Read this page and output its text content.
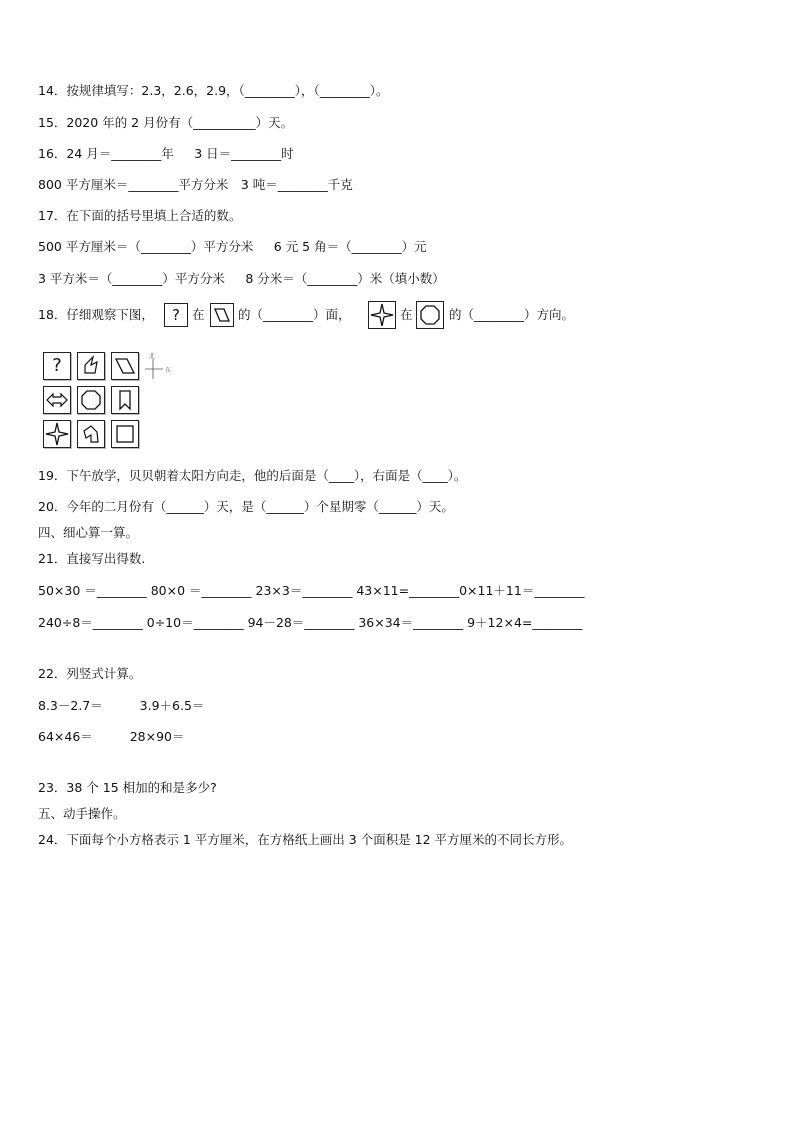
14．按规律填写：2.3，2.6，2.9，（________），（________）。
15．2020 年的 2 月份有（__________）天。
16．24 月＝________年 　 3 日＝________时
800 平方厘米＝________平方分米　3 吨＝________千克
17．在下面的括号里填上合适的数。
500 平方厘米＝（________）平方分米 　 6 元 5 角＝（________）元
3 平方米＝（________）平方分米 　 8 分米＝（________）米（填小数）
18．仔细观察下图，	? 在	的（________）面，	在	的（________）方向。
?	北
东
19．下午放学，贝贝朝着太阳方向走，他的后面是（____），右面是（____）。
20．今年的二月份有（______）天，是（______）个星期零（______）天。
四、细心算一算。
21．直接写出得数.
50×30 ＝________ 80×0 ＝________ 23×3＝________ 43×11=________0×11＋11＝________
240÷8＝________ 0÷10＝________ 94－28＝________ 36×34＝________ 9＋12×4=________
22．列竖式计算。
8.3－2.7＝ 　 　 3.9＋6.5＝
64×46＝ 　 　 28×90＝
23．38 个 15 相加的和是多少?
五、动手操作。
24．下面每个小方格表示 1 平方厘米，在方格纸上画出 3 个面积是 12 平方厘米的不同长方形。
